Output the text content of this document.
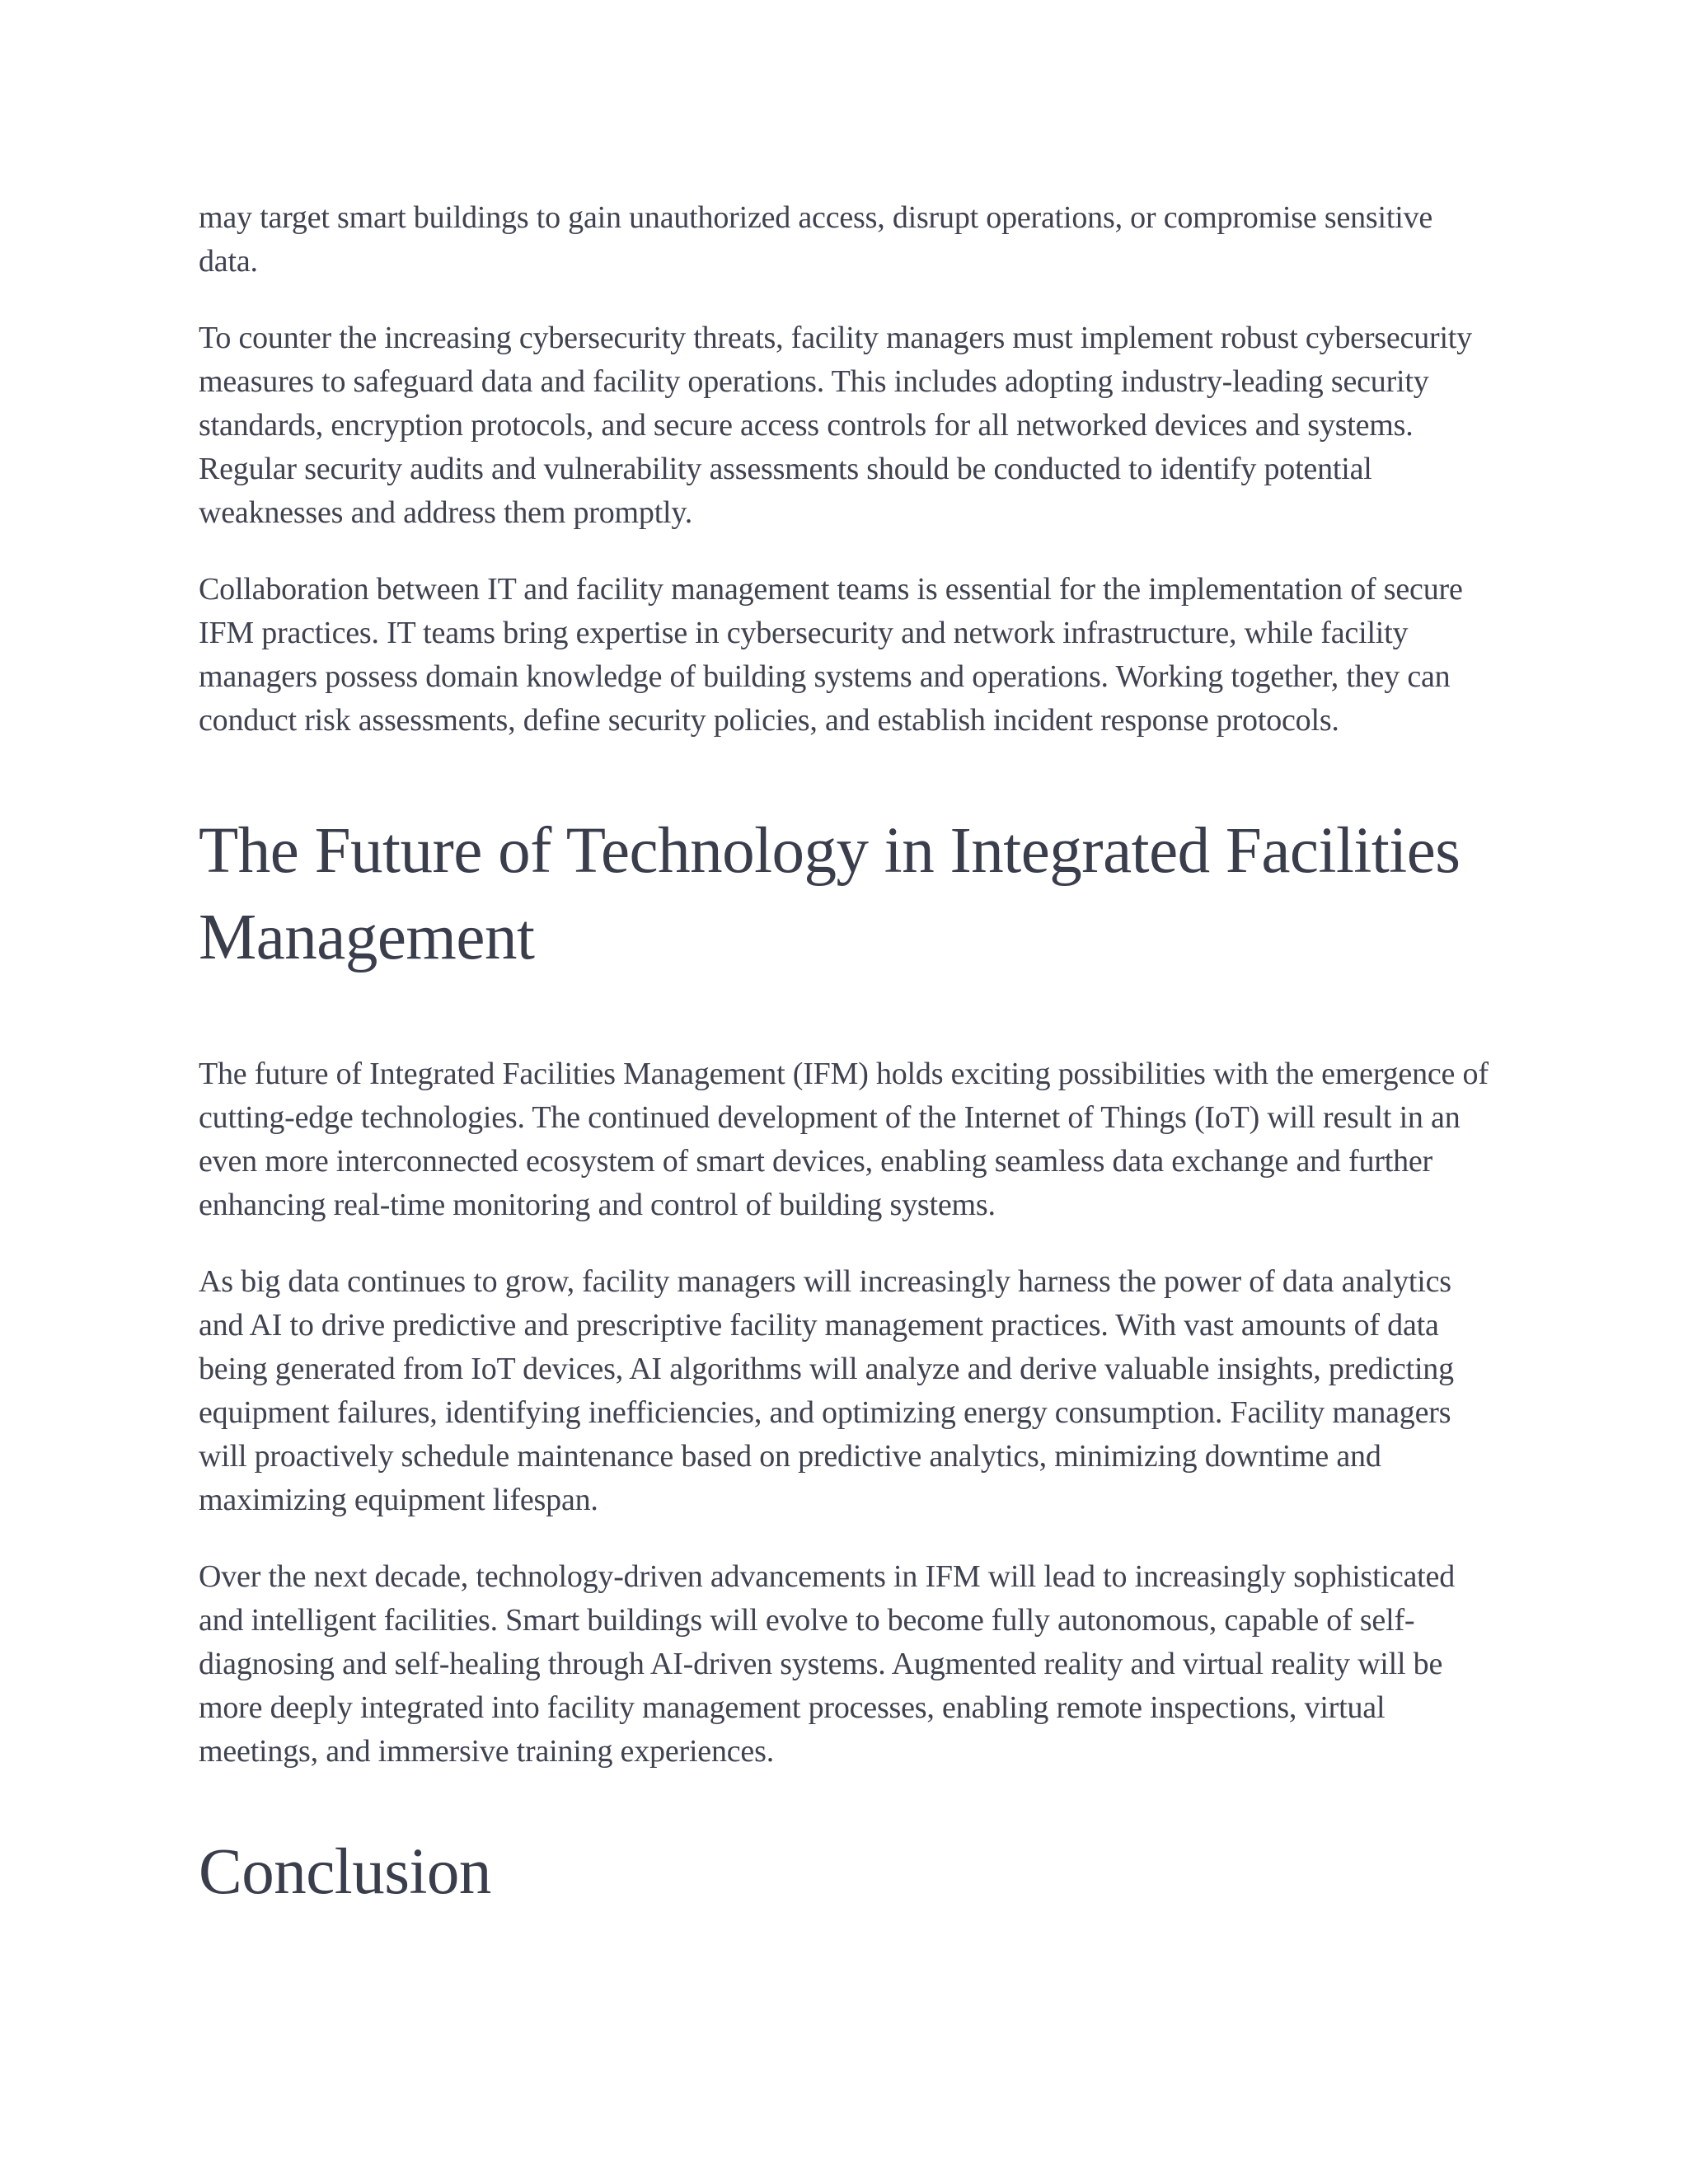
may target smart buildings to gain unauthorized access, disrupt operations, or compromise sensitive data.

To counter the increasing cybersecurity threats, facility managers must implement robust cybersecurity measures to safeguard data and facility operations. This includes adopting industry-leading security standards, encryption protocols, and secure access controls for all networked devices and systems. Regular security audits and vulnerability assessments should be conducted to identify potential weaknesses and address them promptly.

Collaboration between IT and facility management teams is essential for the implementation of secure IFM practices. IT teams bring expertise in cybersecurity and network infrastructure, while facility managers possess domain knowledge of building systems and operations. Working together, they can conduct risk assessments, define security policies, and establish incident response protocols.

The Future of Technology in Integrated Facilities Management

The future of Integrated Facilities Management (IFM) holds exciting possibilities with the emergence of cutting-edge technologies. The continued development of the Internet of Things (IoT) will result in an even more interconnected ecosystem of smart devices, enabling seamless data exchange and further enhancing real-time monitoring and control of building systems.

As big data continues to grow, facility managers will increasingly harness the power of data analytics and AI to drive predictive and prescriptive facility management practices. With vast amounts of data being generated from IoT devices, AI algorithms will analyze and derive valuable insights, predicting equipment failures, identifying inefficiencies, and optimizing energy consumption. Facility managers will proactively schedule maintenance based on predictive analytics, minimizing downtime and maximizing equipment lifespan.

Over the next decade, technology-driven advancements in IFM will lead to increasingly sophisticated and intelligent facilities. Smart buildings will evolve to become fully autonomous, capable of self-diagnosing and self-healing through AI-driven systems. Augmented reality and virtual reality will be more deeply integrated into facility management processes, enabling remote inspections, virtual meetings, and immersive training experiences.

Conclusion
